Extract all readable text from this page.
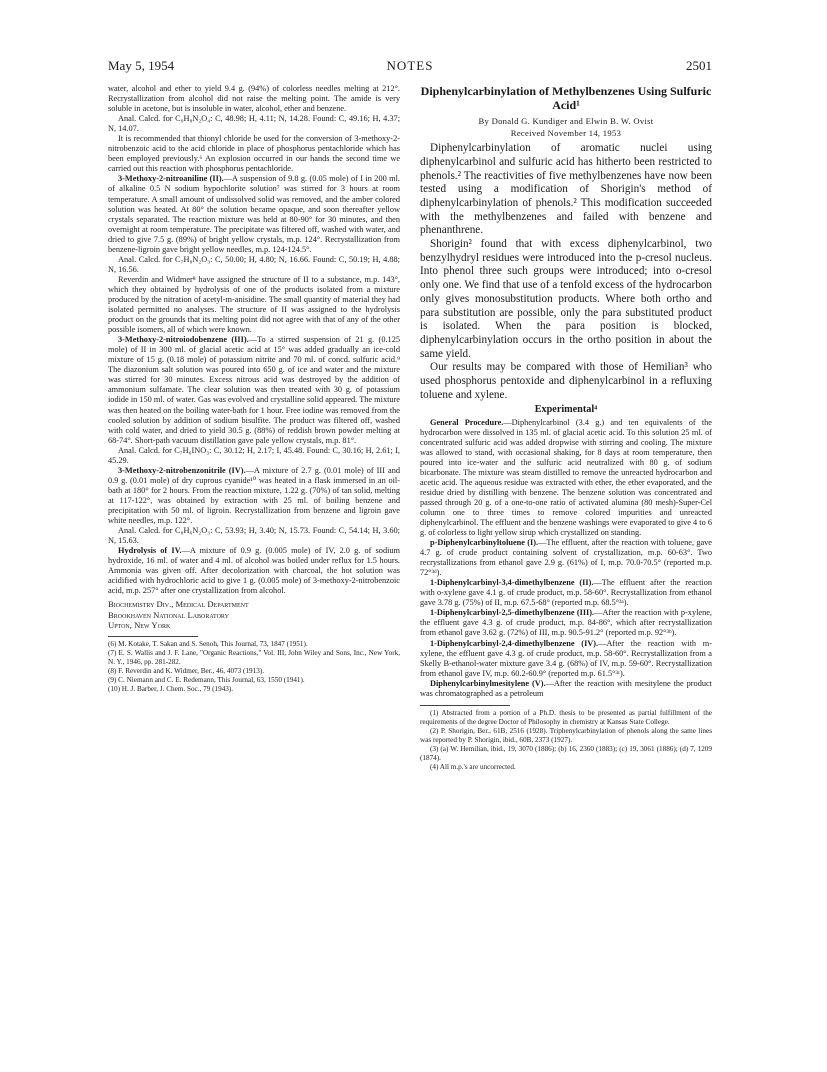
May 5, 1954	NOTES	2501

water, alcohol and ether to yield 9.4 g. (94%) of colorless needles melting at 212°. Recrystallization from alcohol did not raise the melting point. The amide is very soluble in acetone, but is insoluble in water, alcohol, ether and benzene.

Anal. Calcd. for C₉H₈N₂O₄: C, 48.98; H, 4.11; N, 14.28. Found: C, 49.16; H, 4.37; N, 14.07.

It is recommended that thionyl chloride be used for the conversion of 3-methoxy-2-nitrobenzoic acid to the acid chloride in place of phosphorus pentachloride which has been employed previously.⁶ An explosion occurred in our hands the second time we carried out this reaction with phosphorus pentachloride.

3-Methoxy-2-nitroaniline (II).—A suspension of 9.8 g. (0.05 mole) of I in 200 ml. of alkaline 0.5 N sodium hypochlorite solution⁷ was stirred for 3 hours at room temperature. A small amount of undissolved solid was removed, and the amber colored solution was heated. At 80° the solution became opaque, and soon thereafter yellow crystals separated. The reaction mixture was held at 80-90° for 30 minutes, and then overnight at room temperature. The precipitate was filtered off, washed with water, and dried to give 7.5 g. (89%) of bright yellow crystals, m.p. 124°. Recrystallization from benzene-ligroin gave bright yellow needles, m.p. 124-124.5°.

Anal. Calcd. for C₇H₈N₂O₃: C, 50.00; H, 4.80; N, 16.66. Found: C, 50.19; H, 4.88; N, 16.56.

Reverdin and Widmer⁸ have assigned the structure of II to a substance, m.p. 143°, which they obtained by hydrolysis of one of the products isolated from a mixture produced by the nitration of acetyl-m-anisidine. The small quantity of material they had isolated permitted no analyses. The structure of II was assigned to the hydrolysis product on the grounds that its melting point did not agree with that of any of the other possible isomers, all of which were known.

3-Methoxy-2-nitroiodobenzene (III).—To a stirred suspension of 21 g. (0.125 mole) of II in 300 ml. of glacial acetic acid at 15° was added gradually an ice-cold mixture of 15 g. (0.18 mole) of potassium nitrite and 70 ml. of concd. sulfuric acid.⁹ The diazonium salt solution was poured into 650 g. of ice and water and the mixture was stirred for 30 minutes. Excess nitrous acid was destroyed by the addition of ammonium sulfamate. The clear solution was then treated with 30 g. of potassium iodide in 150 ml. of water. Gas was evolved and crystalline solid appeared. The mixture was then heated on the boiling water-bath for 1 hour. Free iodine was removed from the cooled solution by addition of sodium bisulfite. The product was filtered off, washed with cold water, and dried to yield 30.5 g. (88%) of reddish brown powder melting at 68-74°. Short-path vacuum distillation gave pale yellow crystals, m.p. 81°.

Anal. Calcd. for C₇H₆INO₃: C, 30.12; H, 2.17; I, 45.48. Found: C, 30.16; H, 2.61; I, 45.29.

3-Methoxy-2-nitrobenzonitrile (IV).—A mixture of 2.7 g. (0.01 mole) of III and 0.9 g. (0.01 mole) of dry cuprous cyanide¹⁰ was heated in a flask immersed in an oil-bath at 180° for 2 hours. From the reaction mixture, 1.22 g. (70%) of tan solid, melting at 117-122°, was obtained by extraction with 25 ml. of boiling benzene and precipitation with 50 ml. of ligroin. Recrystallization from benzene and ligroin gave white needles, m.p. 122°.

Anal. Calcd. for C₈H₆N₂O₃: C, 53.93; H, 3.40; N, 15.73. Found: C, 54.14; H, 3.60; N, 15.63.

Hydrolysis of IV.—A mixture of 0.9 g. (0.005 mole) of IV, 2.0 g. of sodium hydroxide, 16 ml. of water and 4 ml. of alcohol was boiled under reflux for 1.5 hours. Ammonia was given off. After decolorization with charcoal, the hot solution was acidified with hydrochloric acid to give 1 g. (0.005 mole) of 3-methoxy-2-nitrobenzoic acid, m.p. 257° after one crystallization from alcohol.

Biochemistry Div., Medical Department
Brookhaven National Laboratory
Upton, New York

(6) M. Kotake, T. Sakan and S. Senoh, This Journal, 73, 1847 (1951).

(7) E. S. Wallis and J. F. Lane, "Organic Reactions," Vol. III, John Wiley and Sons, Inc., New York, N. Y., 1946, pp. 281-282.

(8) F. Reverdin and K. Widmer, Ber., 46, 4073 (1913).

(9) C. Niemann and C. E. Redemann, This Journal, 63, 1550 (1941).

(10) H. J. Barber, J. Chem. Soc., 79 (1943).

Diphenylcarbinylation of Methylbenzenes Using Sulfuric Acid¹
By Donald G. Kundiger and Elwin B. W. Ovist
Received November 14, 1953

Diphenylcarbinylation of aromatic nuclei using diphenylcarbinol and sulfuric acid has hitherto been restricted to phenols.² The reactivities of five methylbenzenes have now been tested using a modification of Shorigin's method of diphenylcarbinylation of phenols.² This modification succeeded with the methylbenzenes and failed with benzene and phenanthrene.

Shorigin² found that with excess diphenylcarbinol, two benzylhydryl residues were introduced into the p-cresol nucleus. Into phenol three such groups were introduced; into o-cresol only one. We find that use of a tenfold excess of the hydrocarbon only gives monosubstitution products. Where both ortho and para substitution are possible, only the para substituted product is isolated. When the para position is blocked, diphenylcarbinylation occurs in the ortho position in about the same yield.

Our results may be compared with those of Hemilian³ who used phosphorus pentoxide and diphenylcarbinol in a refluxing toluene and xylene.

Experimental⁴

General Procedure.—Diphenylcarbinol (3.4 g.) and ten equivalents of the hydrocarbon were dissolved in 135 ml. of glacial acetic acid. To this solution 25 ml. of concentrated sulfuric acid was added dropwise with stirring and cooling. The mixture was allowed to stand, with occasional shaking, for 8 days at room temperature, then poured into ice-water and the sulfuric acid neutralized with 80 g. of sodium bicarbonate. The mixture was steam distilled to remove the unreacted hydrocarbon and acetic acid. The aqueous residue was extracted with ether, the ether evaporated, and the residue dried by distilling with benzene. The benzene solution was concentrated and passed through 20 g. of a one-to-one ratio of activated alumina (80 mesh)-Super-Cel column one to three times to remove colored impurities and unreacted diphenylcarbinol. The effluent and the benzene washings were evaporated to give 4 to 6 g. of colorless to light yellow sirup which crystallized on standing.

p-Diphenylcarbinyltoluene (I).—The effluent, after the reaction with toluene, gave 4.7 g. of crude product containing solvent of crystallization, m.p. 60-63°. Two recrystallizations from ethanol gave 2.9 g. (61%) of I, m.p. 70.0-70.5° (reported m.p. 72°³ᵈ).

1-Diphenylcarbinyl-3,4-dimethylbenzene (II).—The effluent after the reaction with o-xylene gave 4.1 g. of crude product, m.p. 58-60°. Recrystallization from ethanol gave 3.78 g. (75%) of II, m.p. 67.5-68° (reported m.p. 68.5°³ᵃ).

1-Diphenylcarbinyl-2,5-dimethylbenzene (III).—After the reaction with p-xylene, the effluent gave 4.3 g. of crude product, m.p. 84-86°, which after recrystallization from ethanol gave 3.62 g. (72%) of III, m.p. 90.5-91.2° (reported m.p. 92°³ᵇ).

1-Diphenylcarbinyl-2,4-dimethylbenzene (IV).—After the reaction with m-xylene, the effluent gave 4.3 g. of crude product, m.p. 58-60°. Recrystallization from a Skelly B-ethanol-water mixture gave 3.4 g. (68%) of IV, m.p. 59-60°. Recrystallization from ethanol gave IV, m.p. 60.2-60.9° (reported m.p. 61.5°³ᶜ).

Diphenylcarbinylmesitylene (V).—After the reaction with mesitylene the product was chromatographed as a petroleum

(1) Abstracted from a portion of a Ph.D. thesis to be presented as partial fulfillment of the requirements of the degree Doctor of Philosophy in chemistry at Kansas State College.

(2) P. Shorigin, Ber., 61B, 2516 (1928). Triphenylcarbinylation of phenols along the same lines was reported by P. Shorigin, ibid., 60B, 2373 (1927).

(3) (a) W. Hemilian, ibid., 19, 3070 (1886); (b) 16, 2360 (1883); (c) 19, 3061 (1886); (d) 7, 1209 (1874).

(4) All m.p.'s are uncorrected.
